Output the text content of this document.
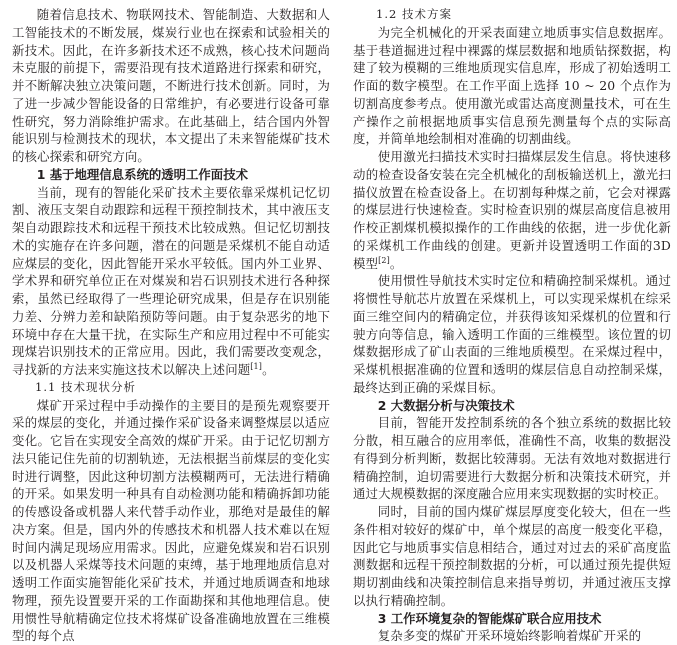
随着信息技术、物联网技术、智能制造、大数据和人工智能技术的不断发展，煤炭行业也在探索和试验相关的新技术。因此，在许多新技术还不成熟，核心技术问题尚未克服的前提下，需要沿现有技术道路进行探索和研究，并不断解决独立决策问题，不断进行技术创新。同时，为了进一步减少智能设备的日常维护，有必要进行设备可靠性研究，努力消除维护需求。在此基础上，结合国内外智能识别与检测技术的现状，本文提出了未来智能煤矿技术的核心探索和研究方向。

1 基于地理信息系统的透明工作面技术

当前，现有的智能化采矿技术主要依靠采煤机记忆切割、液压支架自动跟踪和远程干预控制技术，其中液压支架自动跟踪技术和远程干预技术比较成熟。但记忆切割技术的实施存在许多问题，潜在的问题是采煤机不能自动适应煤层的变化，因此智能开采水平较低。国内外工业界、学术界和研究单位正在对煤炭和岩石识别技术进行各种探索，虽然已经取得了一些理论研究成果，但是存在识别能力差、分辨力差和缺陷预防等问题。由于复杂恶劣的地下环境中存在大量干扰，在实际生产和应用过程中不可能实现煤岩识别技术的正常应用。因此，我们需要改变观念，寻找新的方法来实施这技术以解决上述问题[1]。

1.1 技术现状分析

煤矿开采过程中手动操作的主要目的是预先观察要开采的煤层的变化，并通过操作采矿设备来调整煤层以适应变化。它旨在实现安全高效的煤矿开采。由于记忆切割方法只能记住先前的切割轨迹，无法根据当前煤层的变化实时进行调整，因此这种切割方法模糊两可，无法进行精确的开采。如果发明一种具有自动检测功能和精确拆卸功能的传感设备或机器人来代替手动作业，那绝对是最佳的解决方案。但是，国内外的传感技术和机器人技术难以在短时间内满足现场应用需求。因此，应避免煤炭和岩石识别以及机器人采煤等技术问题的束缚，基于地理地质信息对透明工作面实施智能化采矿技术，并通过地质调查和地球物理，预先设置要开采的工作面勘探和其他地理信息。使用惯性导航精确定位技术将煤矿设备准确地放置在三维模型的每个点

1.2 技术方案

为完全机械化的开采表面建立地质事实信息数据库。基于巷道掘进过程中裸露的煤层数据和地质钻探数据，构建了较为模糊的三维地质现实信息库，形成了初始透明工作面的数字模型。在工作平面上选择 10 ~ 20 个点作为切割高度参考点。使用激光或雷达高度测量技术，可在生产操作之前根据地质事实信息预先测量每个点的实际高度，并简单地绘制相对准确的切割曲线。

使用激光扫描技术实时扫描煤层发生信息。将快速移动的检查设备安装在完全机械化的刮板输送机上，激光扫描仪放置在检查设备上。在切割每种煤之前，它会对裸露的煤层进行快速检查。实时检查识别的煤层高度信息被用作校正割煤机模拟操作的工作曲线的依据，进一步优化新的采煤机工作曲线的创建。更新并设置透明工作面的3D 模型[2]。

使用惯性导航技术实时定位和精确控制采煤机。通过将惯性导航芯片放置在采煤机上，可以实现采煤机在综采面三维空间内的精确定位，并获得该知采煤机的位置和行驶方向等信息，输入透明工作面的三维模型。该位置的切煤数据形成了矿山表面的三维地质模型。在采煤过程中，采煤机根据准确的位置和透明的煤层信息自动控制采煤，最终达到正确的采煤目标。

2 大数据分析与决策技术

目前，智能开发控制系统的各个独立系统的数据比较分散，相互融合的应用率低，准确性不高，收集的数据没有得到分析判断，数据比较薄弱。无法有效地对数据进行精确控制，迫切需要进行大数据分析和决策技术研究，并通过大规模数据的深度融合应用来实现数据的实时校正。

同时，目前的国内煤矿煤层厚度变化较大，但在一些条件相对较好的煤矿中，单个煤层的高度一般变化平稳，因此它与地质事实信息相结合，通过对过去的采矿高度监测数据和远程干预控制数据的分析，可以通过预先提供短期切割曲线和决策控制信息来指导剪切，并通过液压支撑以执行精确控制。

3 工作环境复杂的智能煤矿联合应用技术

复杂多变的煤矿开采环境始终影响着煤矿开采的
